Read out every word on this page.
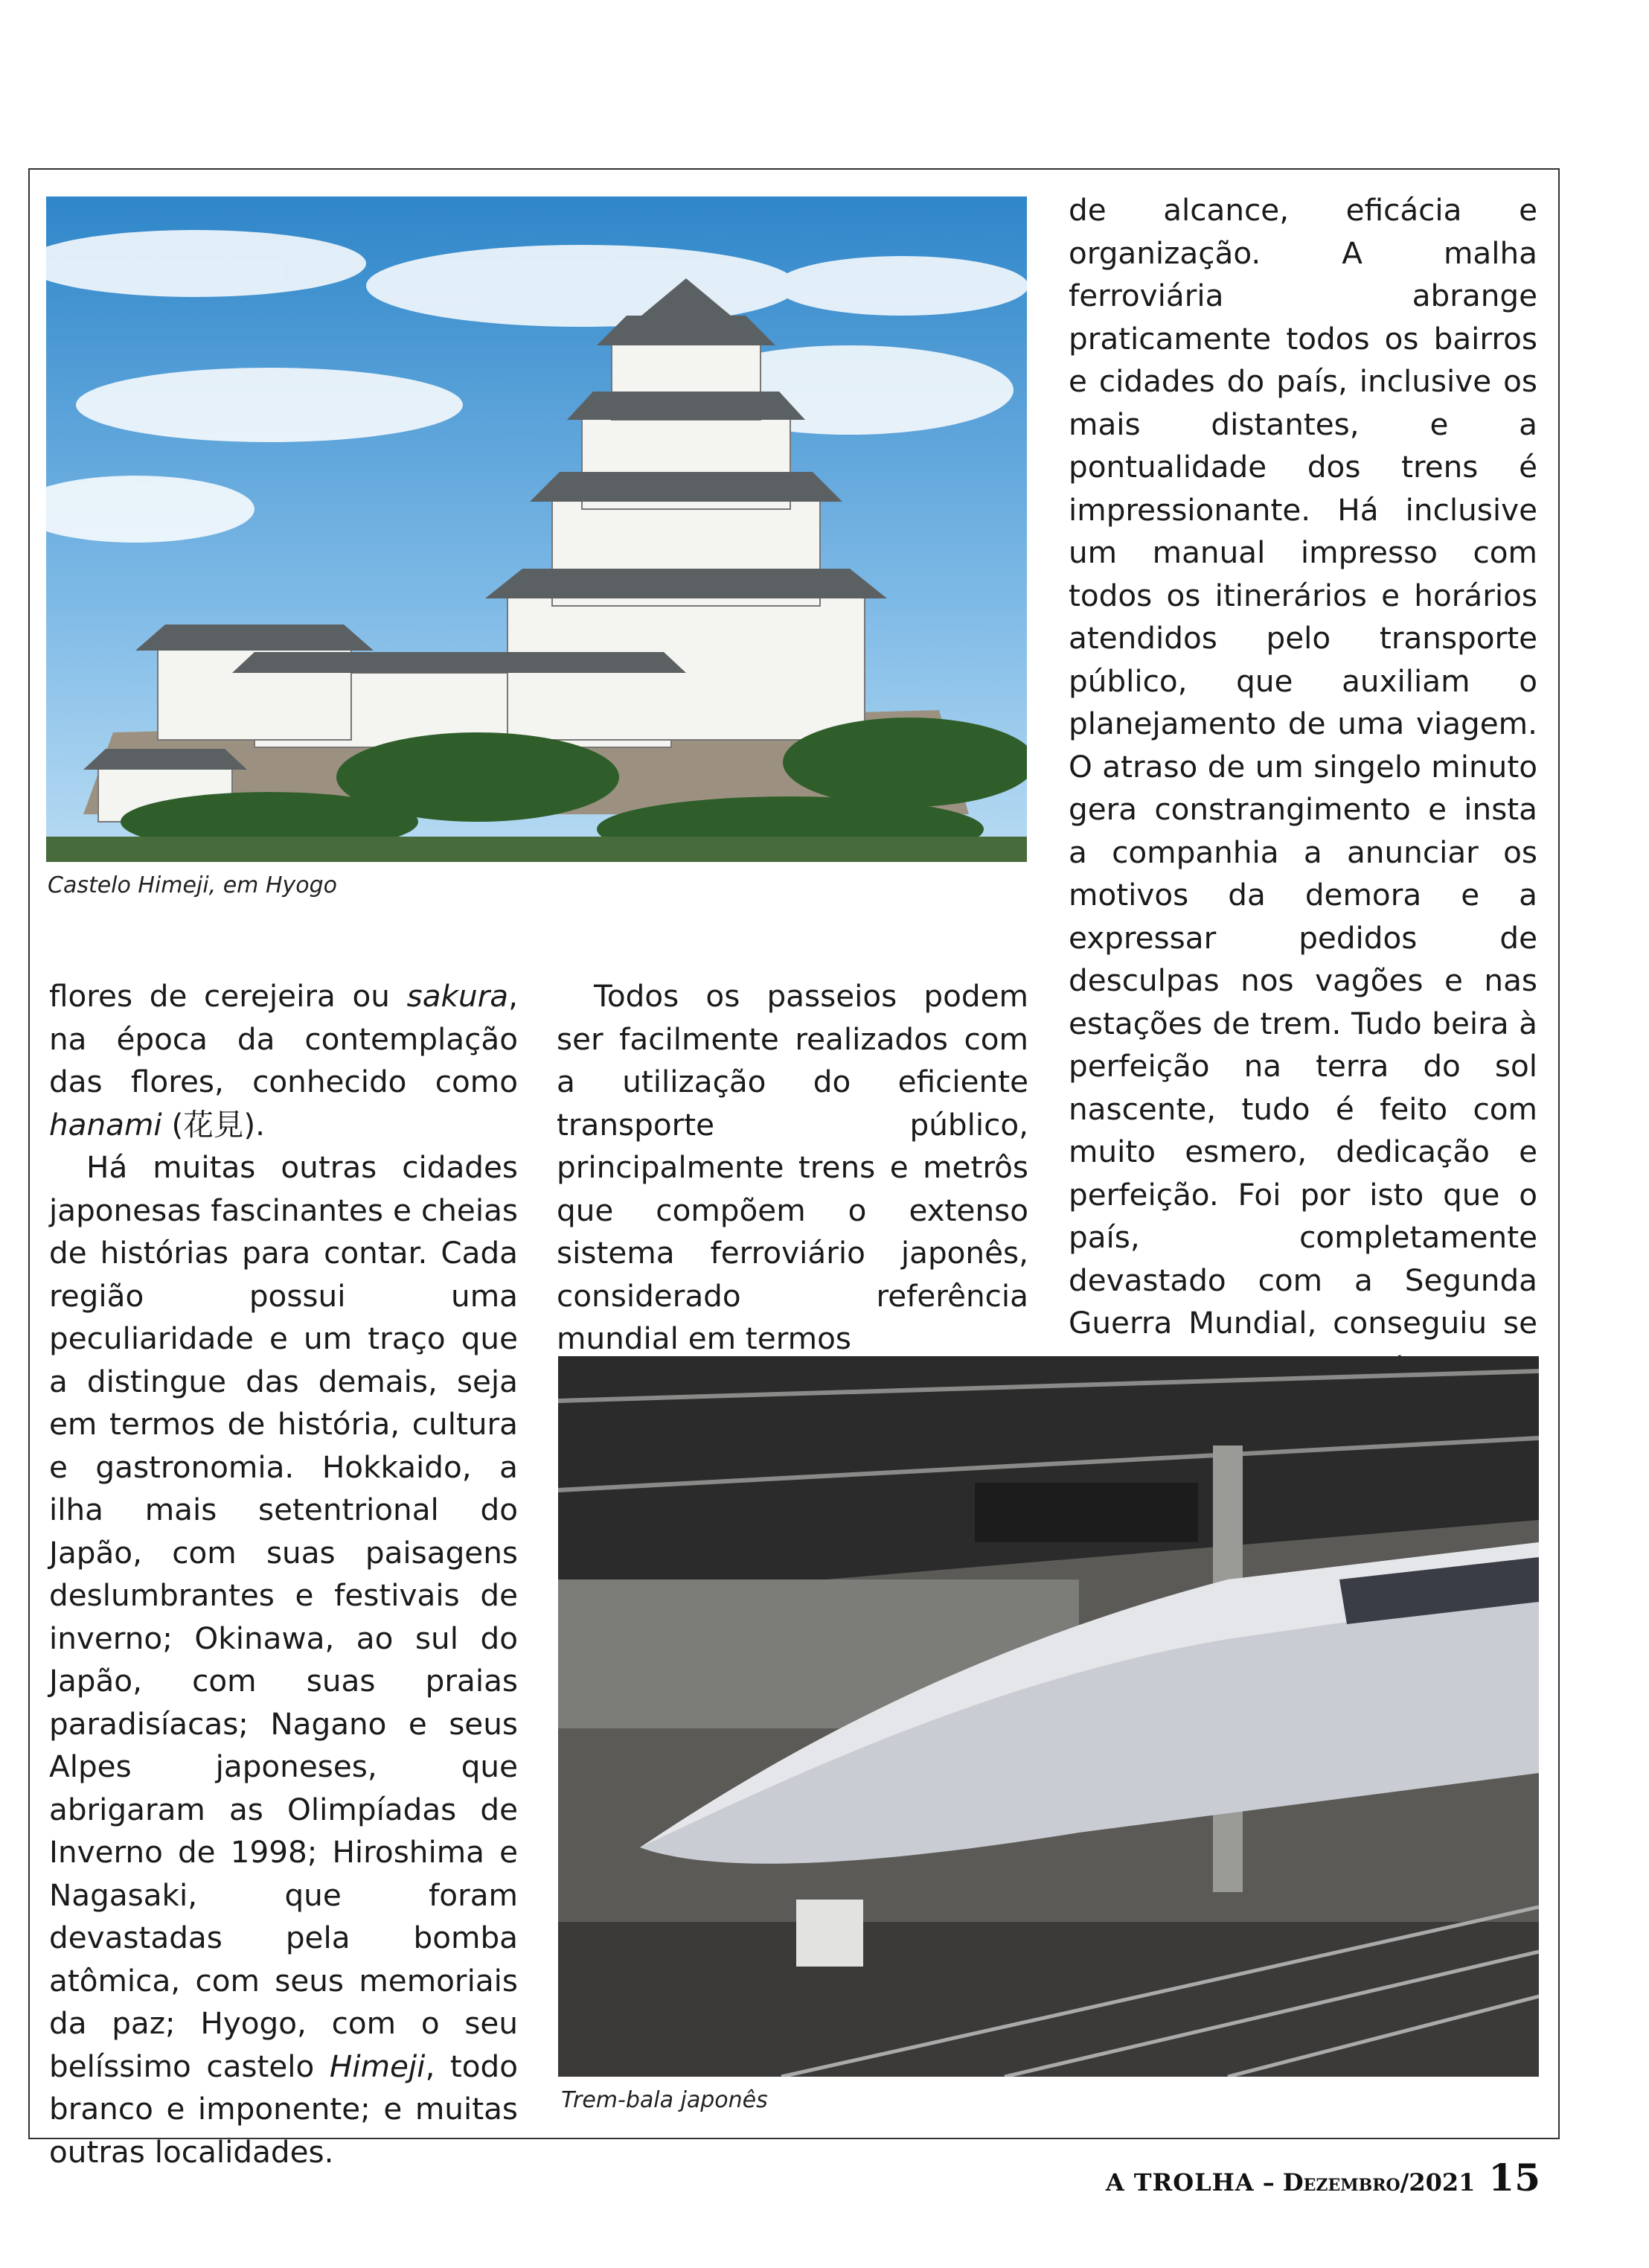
Castelo Himeji, em Hyogo

flores de cerejeira ou sakura, na época da contemplação das flores, conhecido como hanami (花見).

Há muitas outras cidades japonesas fascinantes e cheias de histórias para contar. Cada região possui uma peculiaridade e um traço que a distingue das demais, seja em termos de história, cultura e gastronomia. Hokkaido, a ilha mais setentrional do Japão, com suas paisagens deslumbrantes e festivais de inverno; Okinawa, ao sul do Japão, com suas praias paradisíacas; Nagano e seus Alpes japoneses, que abrigaram as Olimpíadas de Inverno de 1998; Hiroshima e Nagasaki, que foram devastadas pela bomba atômica, com seus memoriais da paz; Hyogo, com o seu belíssimo castelo Himeji, todo branco e imponente; e muitas outras localidades.

Todos os passeios podem ser facilmente realizados com a utilização do eficiente transporte público, principalmente trens e metrôs que compõem o extenso sistema ferroviário japonês, considerado referência mundial em termos

de alcance, eficácia e organização. A malha ferroviária abrange praticamente todos os bairros e cidades do país, inclusive os mais distantes, e a pontualidade dos trens é impressionante. Há inclusive um manual impresso com todos os itinerários e horários atendidos pelo transporte público, que auxiliam o planejamento de uma viagem. O atraso de um singelo minuto gera constrangimento e insta a companhia a anunciar os motivos da demora e a expressar pedidos de desculpas nos vagões e nas estações de trem. Tudo beira à perfeição na terra do sol nascente, tudo é feito com muito esmero, dedicação e perfeição. Foi por isto que o país, completamente devastado com a Segunda Guerra Mundial, conseguiu se

Trem-bala japonês
A TROLHA – Dezembro/2021 15
